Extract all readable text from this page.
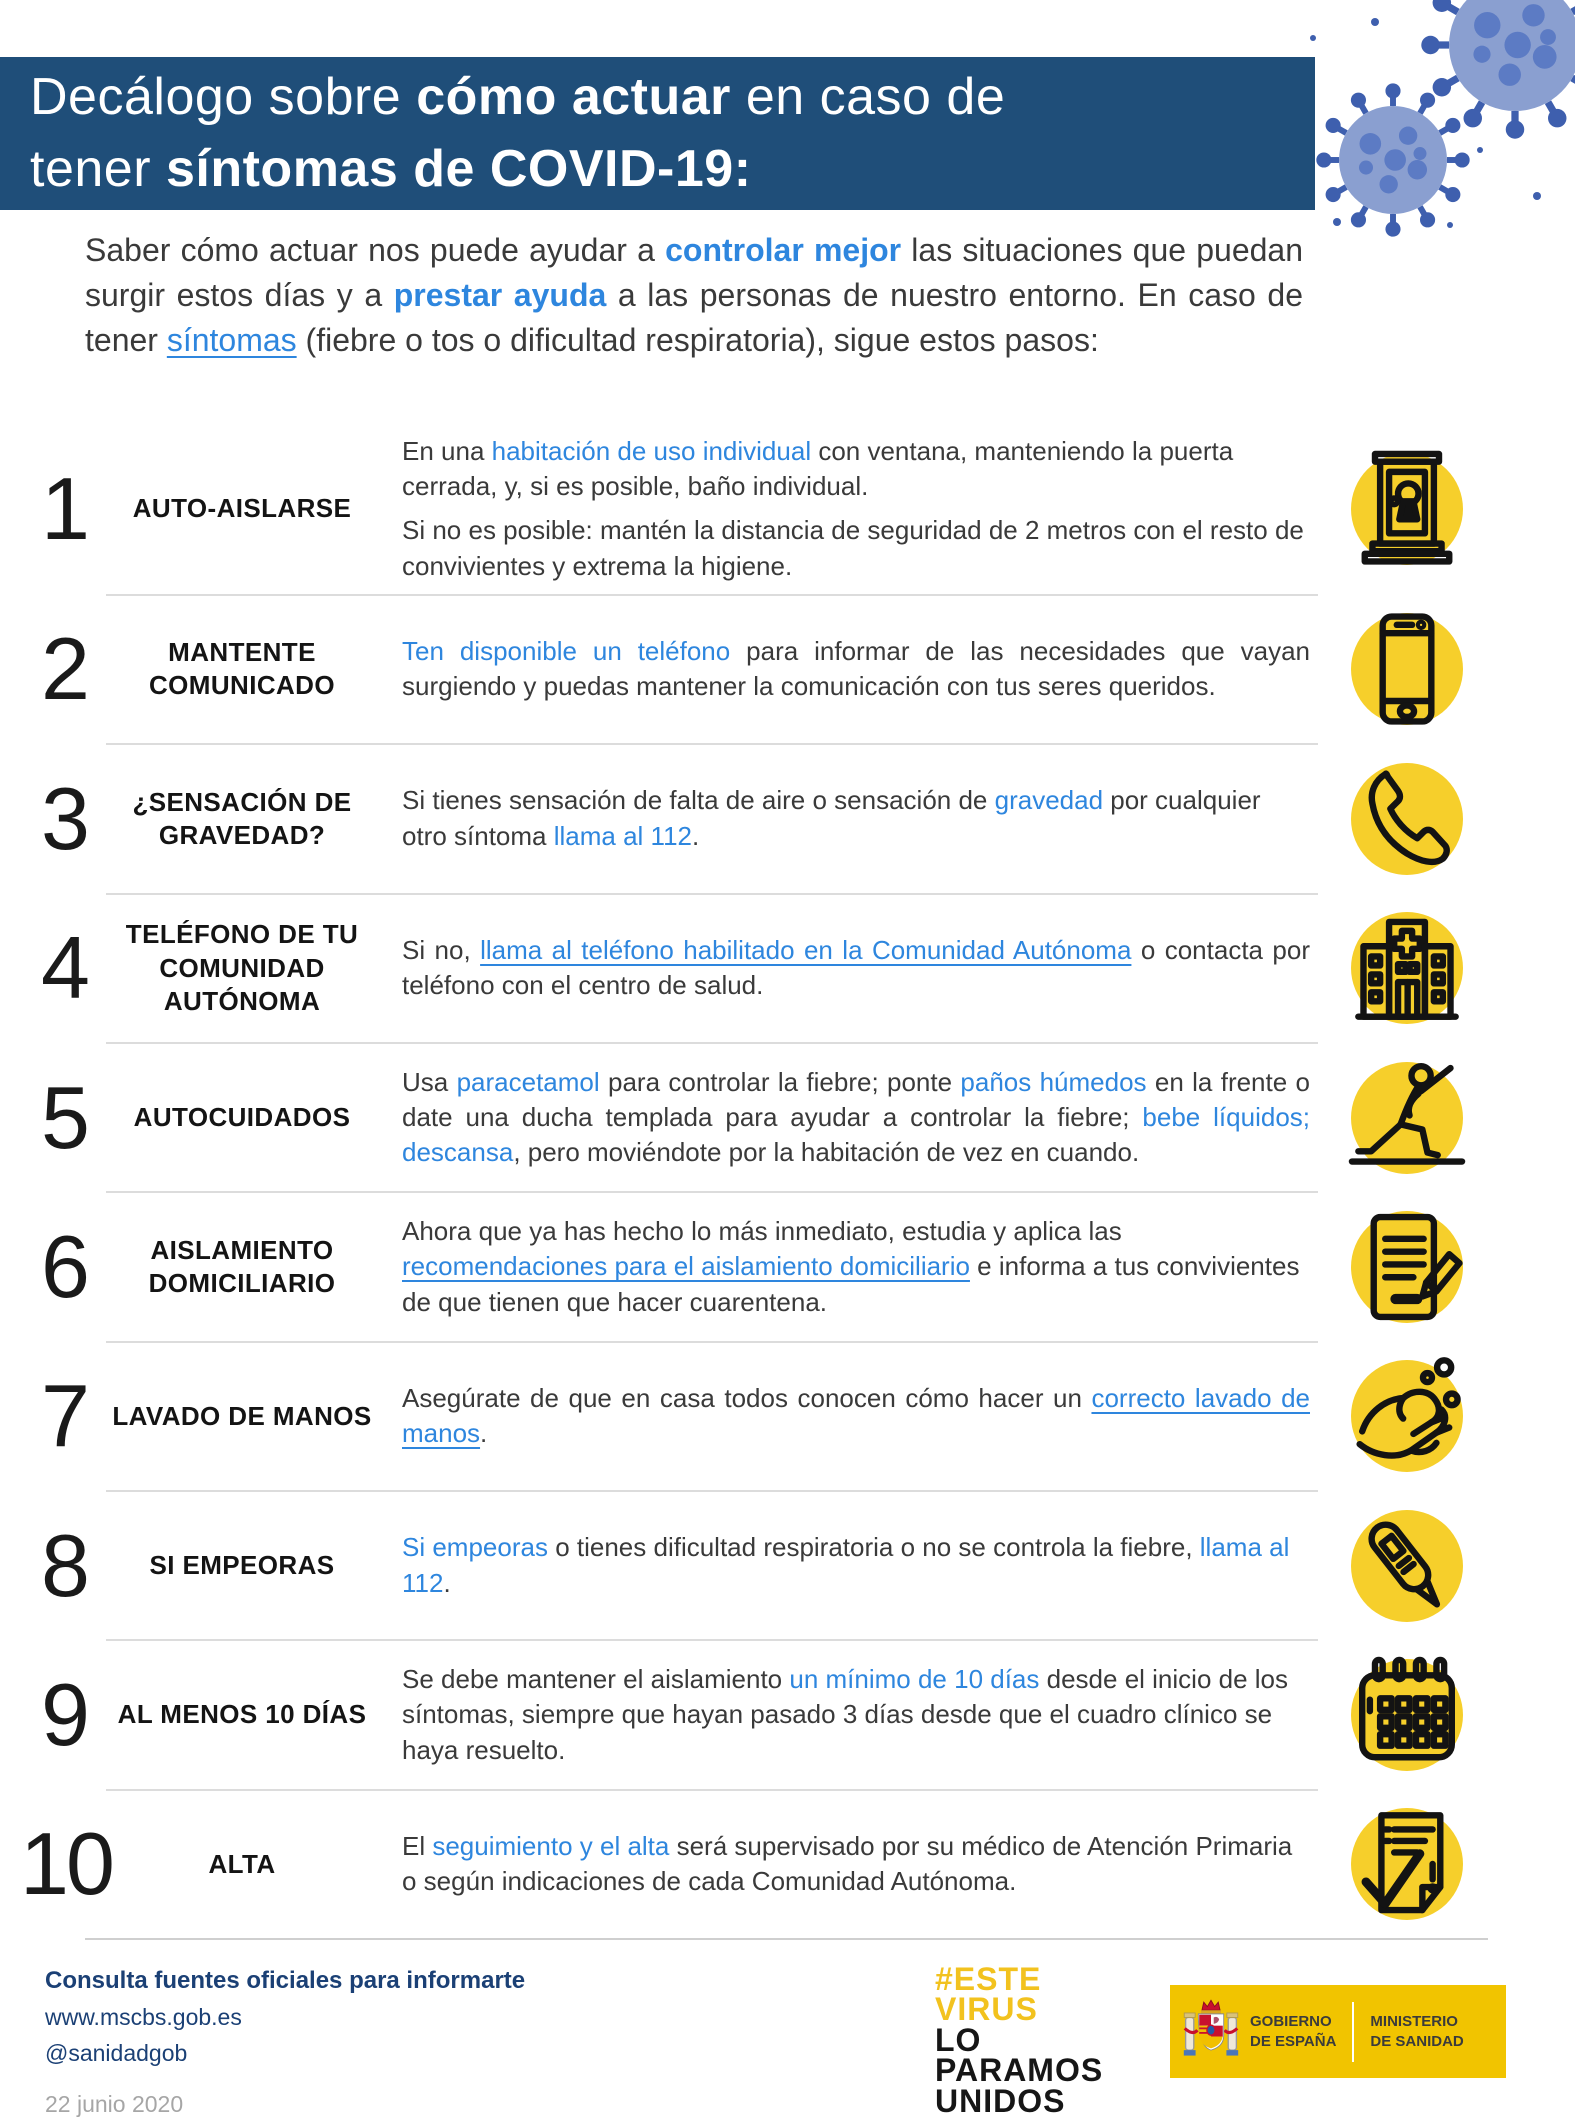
Decálogo sobre cómo actuar en caso de
tener síntomas de COVID-19:
Saber cómo actuar nos puede ayudar a controlar mejor las situaciones que puedan surgir estos días y a prestar ayuda a las personas de nuestro entorno. En caso de tener síntomas (fiebre o tos o dificultad respiratoria), sigue estos pasos:
1	AUTO-AISLARSE

En una habitación de uso individual con ventana, manteniendo la puerta cerrada, y, si es posible, baño individual.

Si no es posible: mantén la distancia de seguridad de 2 metros con el resto de convivientes y extrema la higiene.

2	MANTENTE COMUNICADO

Ten disponible un teléfono para informar de las necesidades que vayan surgiendo y puedas mantener la comunicación con tus seres queridos.

3	¿SENSACIÓN DE GRAVEDAD?

Si tienes sensación de falta de aire o sensación de gravedad por cualquier otro síntoma llama al 112.

4	TELÉFONO DE TU COMUNIDAD AUTÓNOMA

Si no, llama al teléfono habilitado en la Comunidad Autónoma o contacta por teléfono con el centro de salud.

5	AUTOCUIDADOS

Usa paracetamol para controlar la fiebre; ponte paños húmedos en la frente o date una ducha templada para ayudar a controlar la fiebre; bebe líquidos; descansa, pero moviéndote por la habitación de vez en cuando.

6	AISLAMIENTO DOMICILIARIO

Ahora que ya has hecho lo más inmediato, estudia y aplica las recomendaciones para el aislamiento domiciliario e informa a tus convivientes de que tienen que hacer cuarentena.

7 LAVADO DE MANOS

Asegúrate de que en casa todos conocen cómo hacer un correcto lavado de manos.

8	SI EMPEORAS

Si empeoras o tienes dificultad respiratoria o no se controla la fiebre, llama al 112.

9	AL MENOS 10 DÍAS

Se debe mantener el aislamiento un mínimo de 10 días desde el inicio de los síntomas, siempre que hayan pasado 3 días desde que el cuadro clínico se haya resuelto.

10	ALTA

El seguimiento y el alta será supervisado por su médico de Atención Primaria o según indicaciones de cada Comunidad Autónoma.

Consulta fuentes oficiales para informarte
www.mscbs.gob.es
@sanidadgob
22 junio 2020
#ESTE
VIRUS
LO
PARAMOS
UNIDOS
GOBIERNO
DE ESPAÑA
MINISTERIO
DE SANIDAD
